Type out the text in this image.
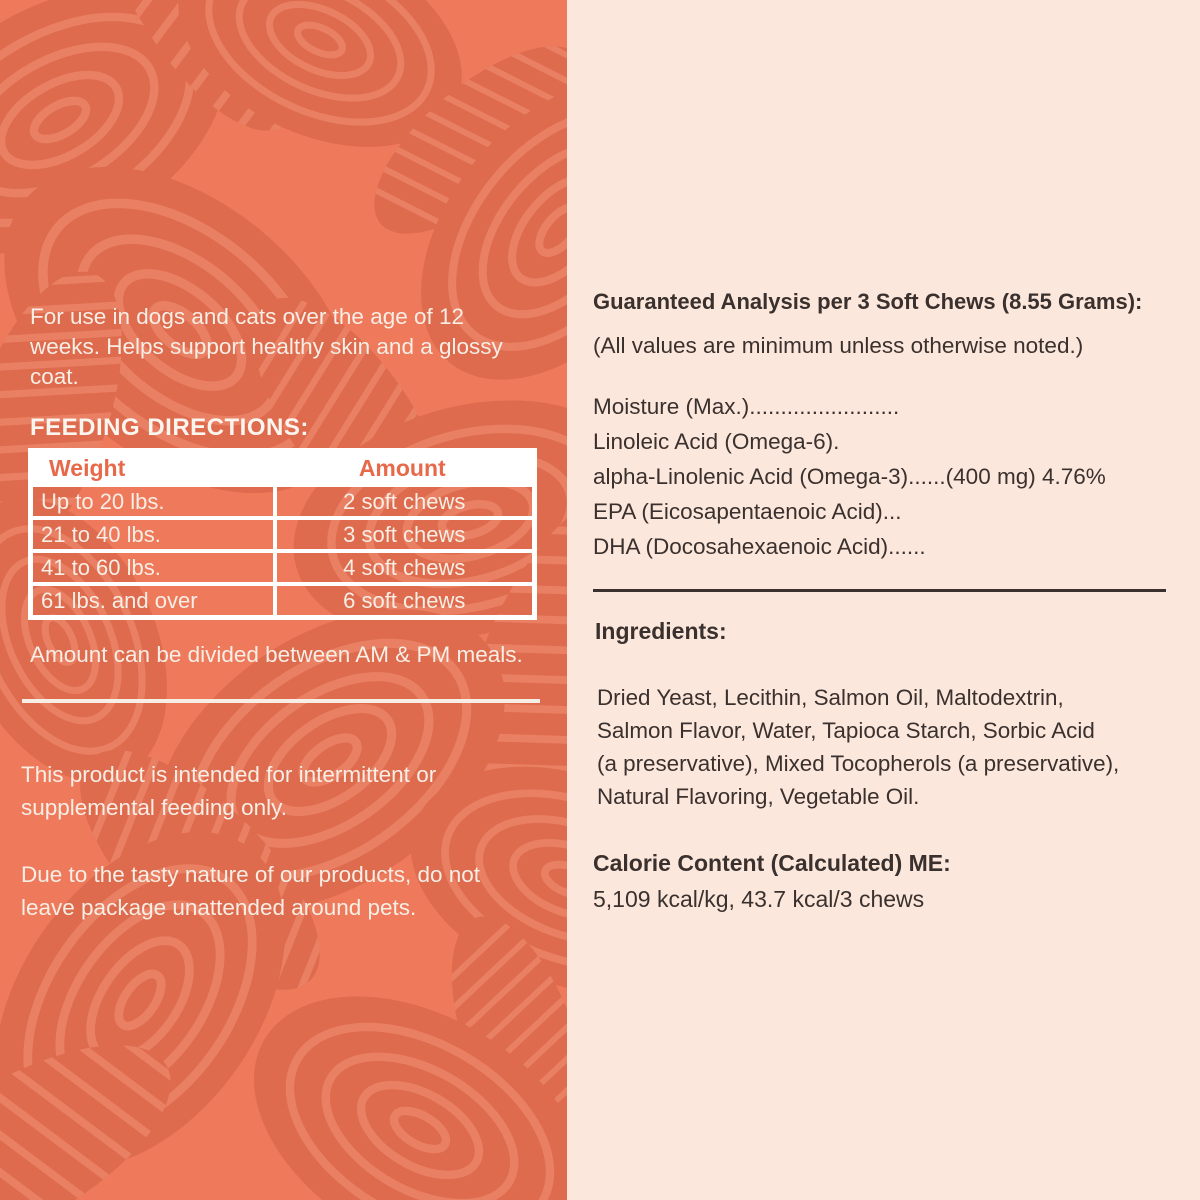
For use in dogs and cats over the age of 12 weeks. Helps support healthy skin and a glossy coat.

FEEDING DIRECTIONS:
Weight	Amount
Up to 20 lbs.	2 soft chews
21 to 40 lbs.	3 soft chews
41 to 60 lbs.	4 soft chews
61 lbs. and over	6 soft chews
Amount can be divided between AM & PM meals.

This product is intended for intermittent or supplemental feeding only.

Due to the tasty nature of our products, do not leave package unattended around pets.

Guaranteed Analysis per 3 Soft Chews (8.55 Grams):

(All values are minimum unless otherwise noted.)

Moisture (Max.)........................
Linoleic Acid (Omega-6).
alpha-Linolenic Acid (Omega-3)......(400 mg) 4.76%
EPA (Eicosapentaenoic Acid)...
DHA (Docosahexaenoic Acid)......
Ingredients:
Dried Yeast, Lecithin, Salmon Oil, Maltodextrin,
Salmon Flavor, Water, Tapioca Starch, Sorbic Acid
(a preservative), Mixed Tocopherols (a preservative),
Natural Flavoring, Vegetable Oil.
Calorie Content (Calculated) ME:

5,109 kcal/kg, 43.7 kcal/3 chews
